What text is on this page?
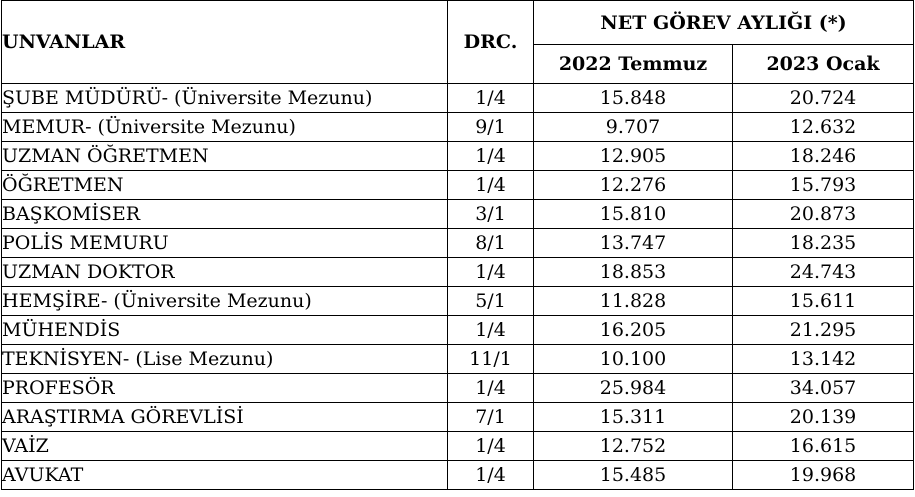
UNVANLAR	DRC.	NET GÖREV AYLIĞI (*)	
		2022 Temmuz	2023 Ocak
ŞUBE MÜDÜRÜ- (Üniversite Mezunu)	1/4	15.848	20.724
MEMUR- (Üniversite Mezunu)	9/1	9.707	12.632
UZMAN ÖĞRETMEN	1/4	12.905	18.246
ÖĞRETMEN	1/4	12.276	15.793
BAŞKOMİSER	3/1	15.810	20.873
POLİS MEMURU	8/1	13.747	18.235
UZMAN DOKTOR	1/4	18.853	24.743
HEMŞİRE- (Üniversite Mezunu)	5/1	11.828	15.611
MÜHENDİS	1/4	16.205	21.295
TEKNİSYEN- (Lise Mezunu)	11/1	10.100	13.142
PROFESÖR	1/4	25.984	34.057
ARAŞTIRMA GÖREVLİSİ	7/1	15.311	20.139
VAİZ	1/4	12.752	16.615
AVUKAT	1/4	15.485	19.968
